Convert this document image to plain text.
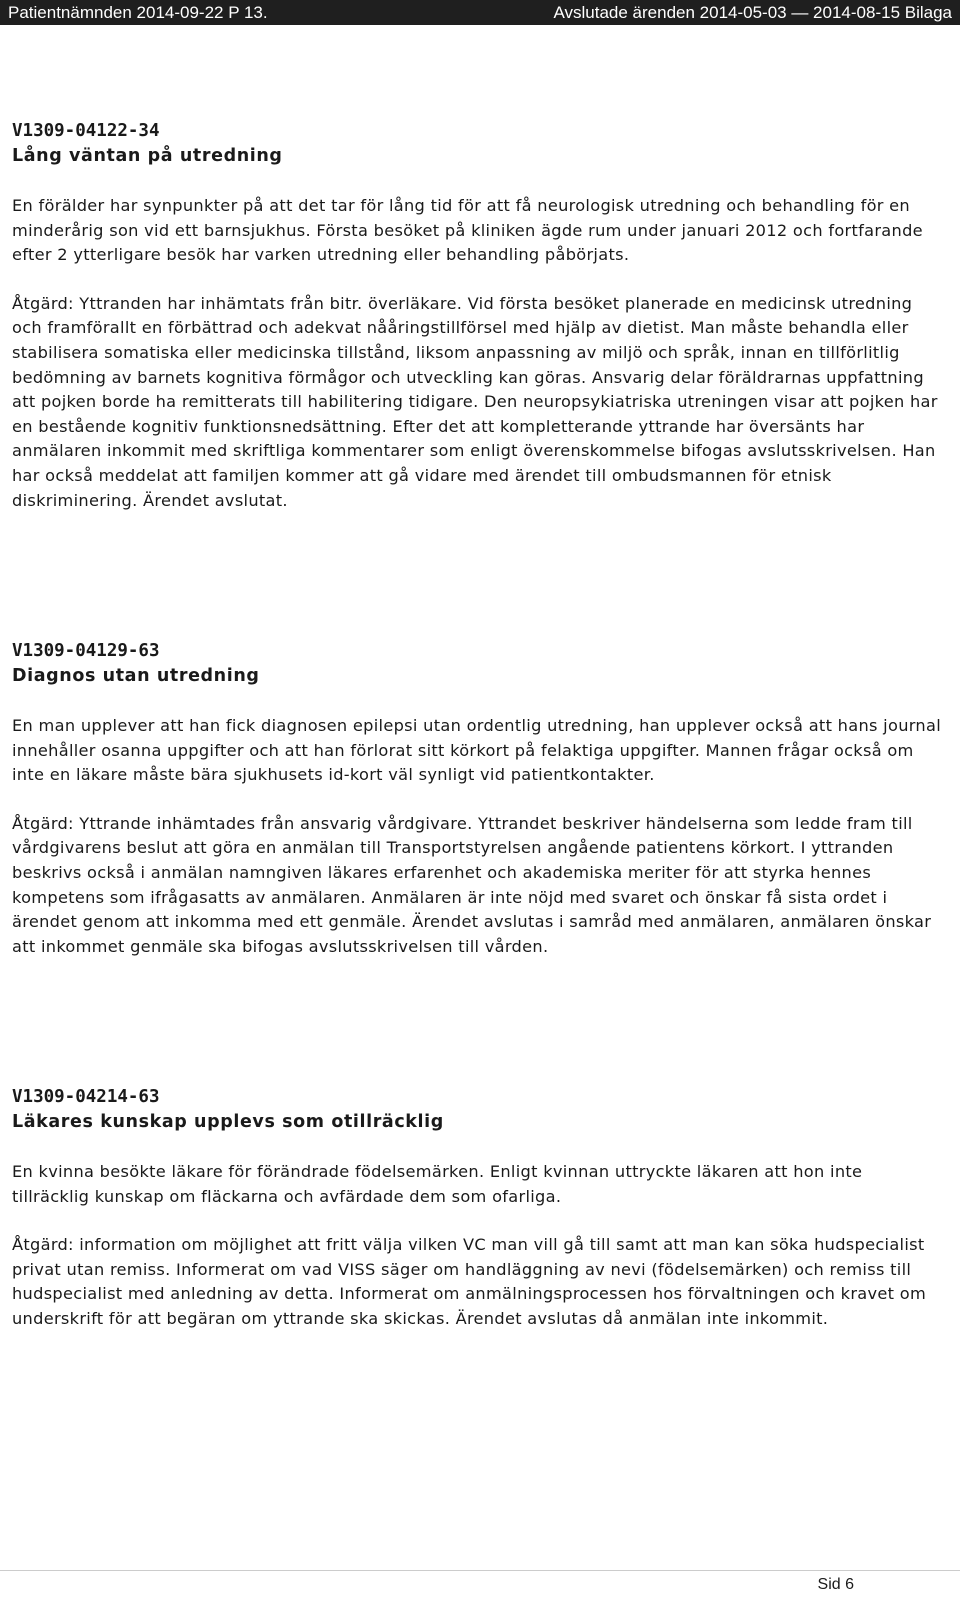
Patientnämnden 2014-09-22 P 13.	Avslutade ärenden 2014-05-03 — 2014-08-15 Bilaga

V1309-04122-34

Lång väntan på utredning

En förälder har synpunkter på att det tar för lång tid för att få neurologisk utredning och behandling för en minderårig son vid ett barnsjukhus. Första besöket på kliniken ägde rum under januari 2012 och fortfarande efter 2 ytterligare besök har varken utredning eller behandling påbörjats.

Åtgärd: Yttranden har inhämtats från bitr. överläkare. Vid första besöket planerade en medicinsk utredning och framförallt en förbättrad och adekvat nååringstillförsel med hjälp av dietist. Man måste behandla eller stabilisera somatiska eller medicinska tillstånd, liksom anpassning av miljö och språk, innan en tillförlitlig bedömning av barnets kognitiva förmågor och utveckling kan göras. Ansvarig delar föräldrarnas uppfattning att pojken borde ha remitterats till habilitering tidigare. Den neuropsykiatriska utreningen visar att pojken har en bestående kognitiv funktionsnedsättning. Efter det att kompletterande yttrande har översänts har anmälaren inkommit med skriftliga kommentarer som enligt överenskommelse bifogas avslutsskrivelsen. Han har också meddelat att familjen kommer att gå vidare med ärendet till ombudsmannen för etnisk diskriminering. Ärendet avslutat.

V1309-04129-63

Diagnos utan utredning

En man upplever att han fick diagnosen epilepsi utan ordentlig utredning, han upplever också att hans journal innehåller osanna uppgifter och att han förlorat sitt körkort på felaktiga uppgifter. Mannen frågar också om inte en läkare måste bära sjukhusets id-kort väl synligt vid patientkontakter.

Åtgärd: Yttrande inhämtades från ansvarig vårdgivare. Yttrandet beskriver händelserna som ledde fram till vårdgivarens beslut att göra en anmälan till Transportstyrelsen angående patientens körkort. I yttranden beskrivs också i anmälan namngiven läkares erfarenhet och akademiska meriter för att styrka hennes kompetens som ifrågasatts av anmälaren. Anmälaren är inte nöjd med svaret och önskar få sista ordet i ärendet genom att inkomma med ett genmäle. Ärendet avslutas i samråd med anmälaren, anmälaren önskar att inkommet genmäle ska bifogas avslutsskrivelsen till vården.

V1309-04214-63

Läkares kunskap upplevs som otillräcklig

En kvinna besökte läkare för förändrade födelsemärken. Enligt kvinnan uttryckte läkaren att hon inte tillräcklig kunskap om fläckarna och avfärdade dem som ofarliga.

Åtgärd: information om möjlighet att fritt välja vilken VC man vill gå till samt att man kan söka hudspecialist privat utan remiss. Informerat om vad VISS säger om handläggning av nevi (födelsemärken) och remiss till hudspecialist med anledning av detta. Informerat om anmälningsprocessen hos förvaltningen och kravet om underskrift för att begäran om yttrande ska skickas. Ärendet avslutas då anmälan inte inkommit.

Sid 6
